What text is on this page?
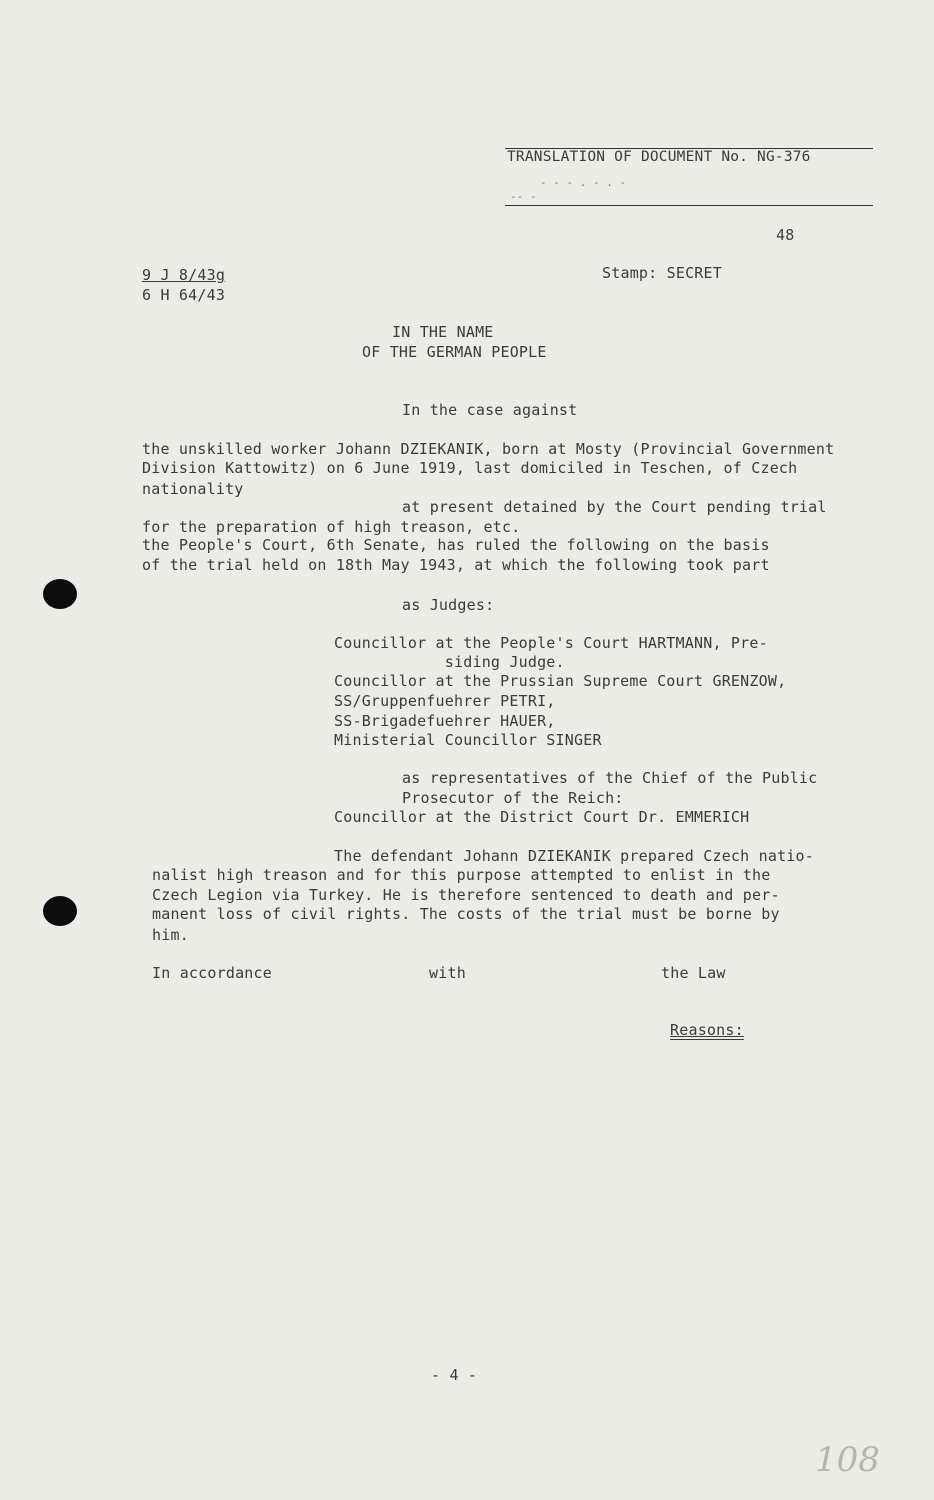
TRANSLATION OF DOCUMENT No. NG-376
- - - . - . -
-- -
48
9 J 8/43g
6 H 64/43
Stamp: SECRET
IN THE NAME
OF THE GERMAN PEOPLE
In the case against
the unskilled worker Johann DZIEKANIK, born at Mosty (Provincial Government
Division Kattowitz) on 6 June 1919, last domiciled in Teschen, of Czech
nationality
at present detained by the Court pending trial
for the preparation of high treason, etc.
the People's Court, 6th Senate, has ruled the following on the basis
of the trial held on 18th May 1943, at which the following took part
as Judges:
Councillor at the People's Court HARTMANN, Pre-
siding Judge.
Councillor at the Prussian Supreme Court GRENZOW,
SS/Gruppenfuehrer PETRI,
SS-Brigadefuehrer HAUER,
Ministerial Councillor SINGER
as representatives of the Chief of the Public
Prosecutor of the Reich:
Councillor at the District Court Dr. EMMERICH
The defendant Johann DZIEKANIK prepared Czech natio-
nalist high treason and for this purpose attempted to enlist in the
Czech Legion via Turkey. He is therefore sentenced to death and per-
manent loss of civil rights. The costs of the trial must be borne by
him.
In accordance	with	the Law
Reasons:
- 4 -
108
